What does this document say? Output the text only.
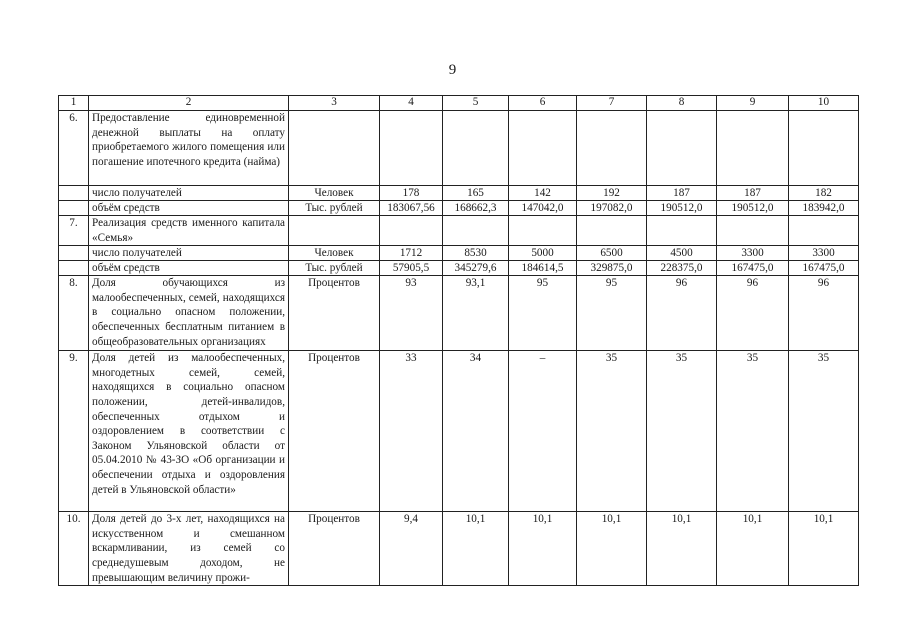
9
1	2	3	4	5	6	7	8	9	10
6.	Предоставление единовременной денежной выплаты на оплату приобретаемого жилого помещения или погашение ипотечного кредита (найма)								
	число получателей	Человек	178	165	142	192	187	187	182
	объём средств	Тыс. рублей	183067,56	168662,3	147042,0	197082,0	190512,0	190512,0	183942,0
7.	Реализация средств именного капитала «Семья»								
	число получателей	Человек	1712	8530	5000	6500	4500	3300	3300
	объём средств	Тыс. рублей	57905,5	345279,6	184614,5	329875,0	228375,0	167475,0	167475,0
8.	Доля обучающихся из малообеспеченных, семей, находящихся в социально опасном положении, обеспеченных бесплатным питанием в общеобразовательных организациях	Процентов	93	93,1	95	95	96	96	96
9.	Доля детей из малообеспеченных, многодетных семей, семей, находящихся в социально опасном положении, детей-инвалидов, обеспеченных отдыхом и оздоровлением в соответствии с Законом Ульяновской области от 05.04.2010 № 43-ЗО «Об организации и обеспечении отдыха и оздоровления детей в Ульяновской области»	Процентов	33	34	–	35	35	35	35
10.	Доля детей до 3-х лет, находящихся на искусственном и смешанном вскармливании, из семей со среднедушевым доходом, не превышающим величину прожи-	Процентов	9,4	10,1	10,1	10,1	10,1	10,1	10,1
